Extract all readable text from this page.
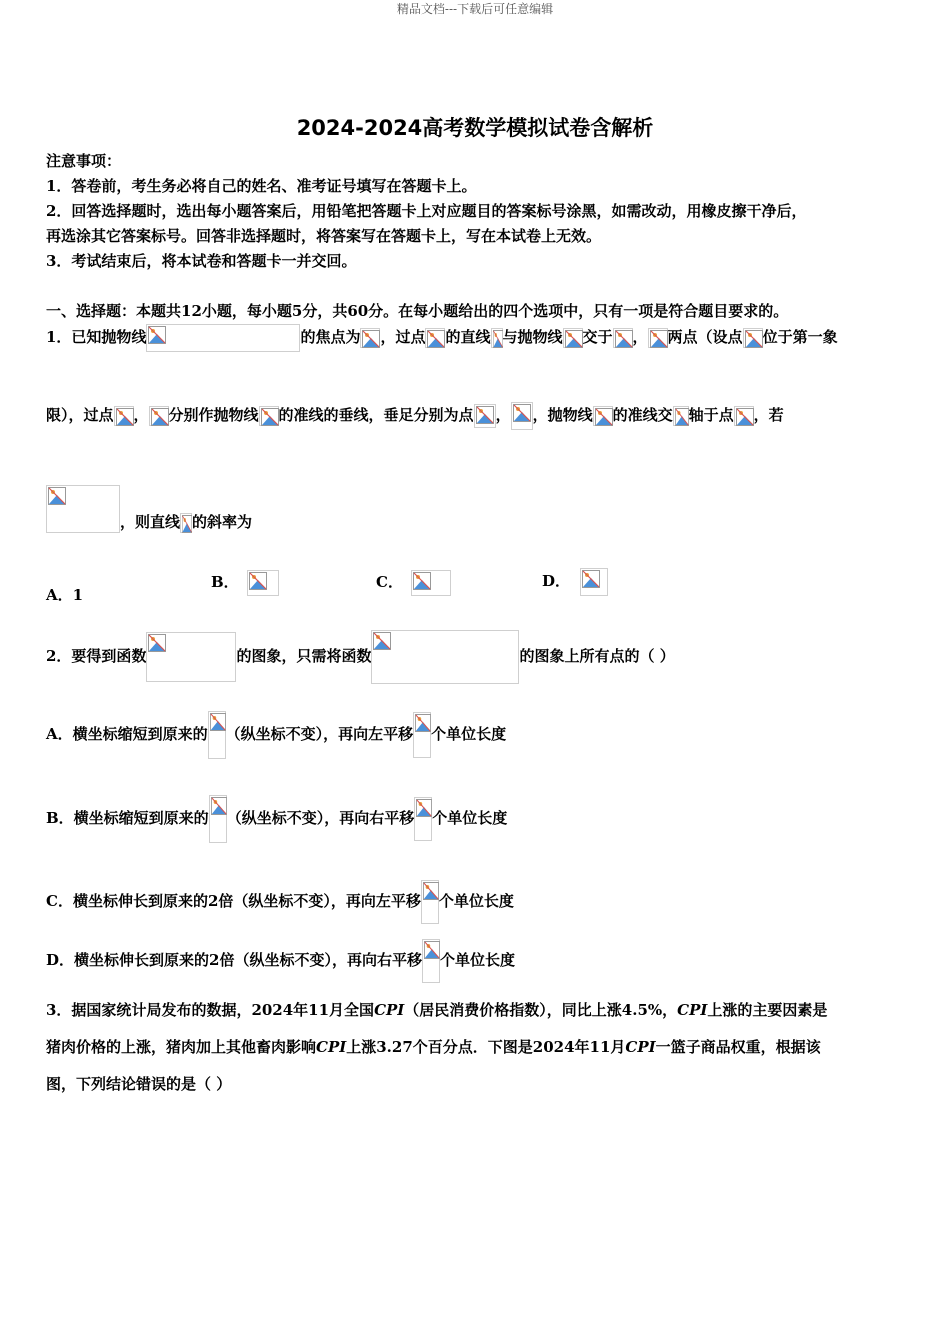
精品文档---下载后可任意编辑
2024-2024高考数学模拟试卷含解析
注意事项：
1．答卷前，考生务必将自己的姓名、准考证号填写在答题卡上。
2．回答选择题时，选出每小题答案后，用铅笔把答题卡上对应题目的答案标号涂黑，如需改动，用橡皮擦干净后，
再选涂其它答案标号。回答非选择题时，将答案写在答题卡上，写在本试卷上无效。
3．考试结束后，将本试卷和答题卡一并交回。
一、选择题：本题共12小题，每小题5分，共60分。在每小题给出的四个选项中，只有一项是符合题目要求的。
1．已知抛物线	的焦点为 ，过点 的直线 与抛物线 交于 ， 两点（设点 位于第一象
限），过点 ， 分别作抛物线 的准线的垂线，垂足分别为点 ， ，抛物线 的准线交 轴于点 ，若
，则直线 的斜率为
A．1
B．	C．	D．
2．要得到函数	的图象，只需将函数	的图象上所有点的（ ）
A．横坐标缩短到原来的 （纵坐标不变），再向左平移 个单位长度
B．横坐标缩短到原来的 （纵坐标不变），再向右平移 个单位长度
C．横坐标伸长到原来的2倍（纵坐标不变），再向左平移 个单位长度
D．横坐标伸长到原来的2倍（纵坐标不变），再向右平移 个单位长度
3．据国家统计局发布的数据，2024年11月全国CPI（居民消费价格指数），同比上涨4.5%，CPI上涨的主要因素是
猪肉价格的上涨，猪肉加上其他畜肉影响CPI上涨3.27个百分点．下图是2024年11月CPI一篮子商品权重，根据该
图，下列结论错误的是（ ）
